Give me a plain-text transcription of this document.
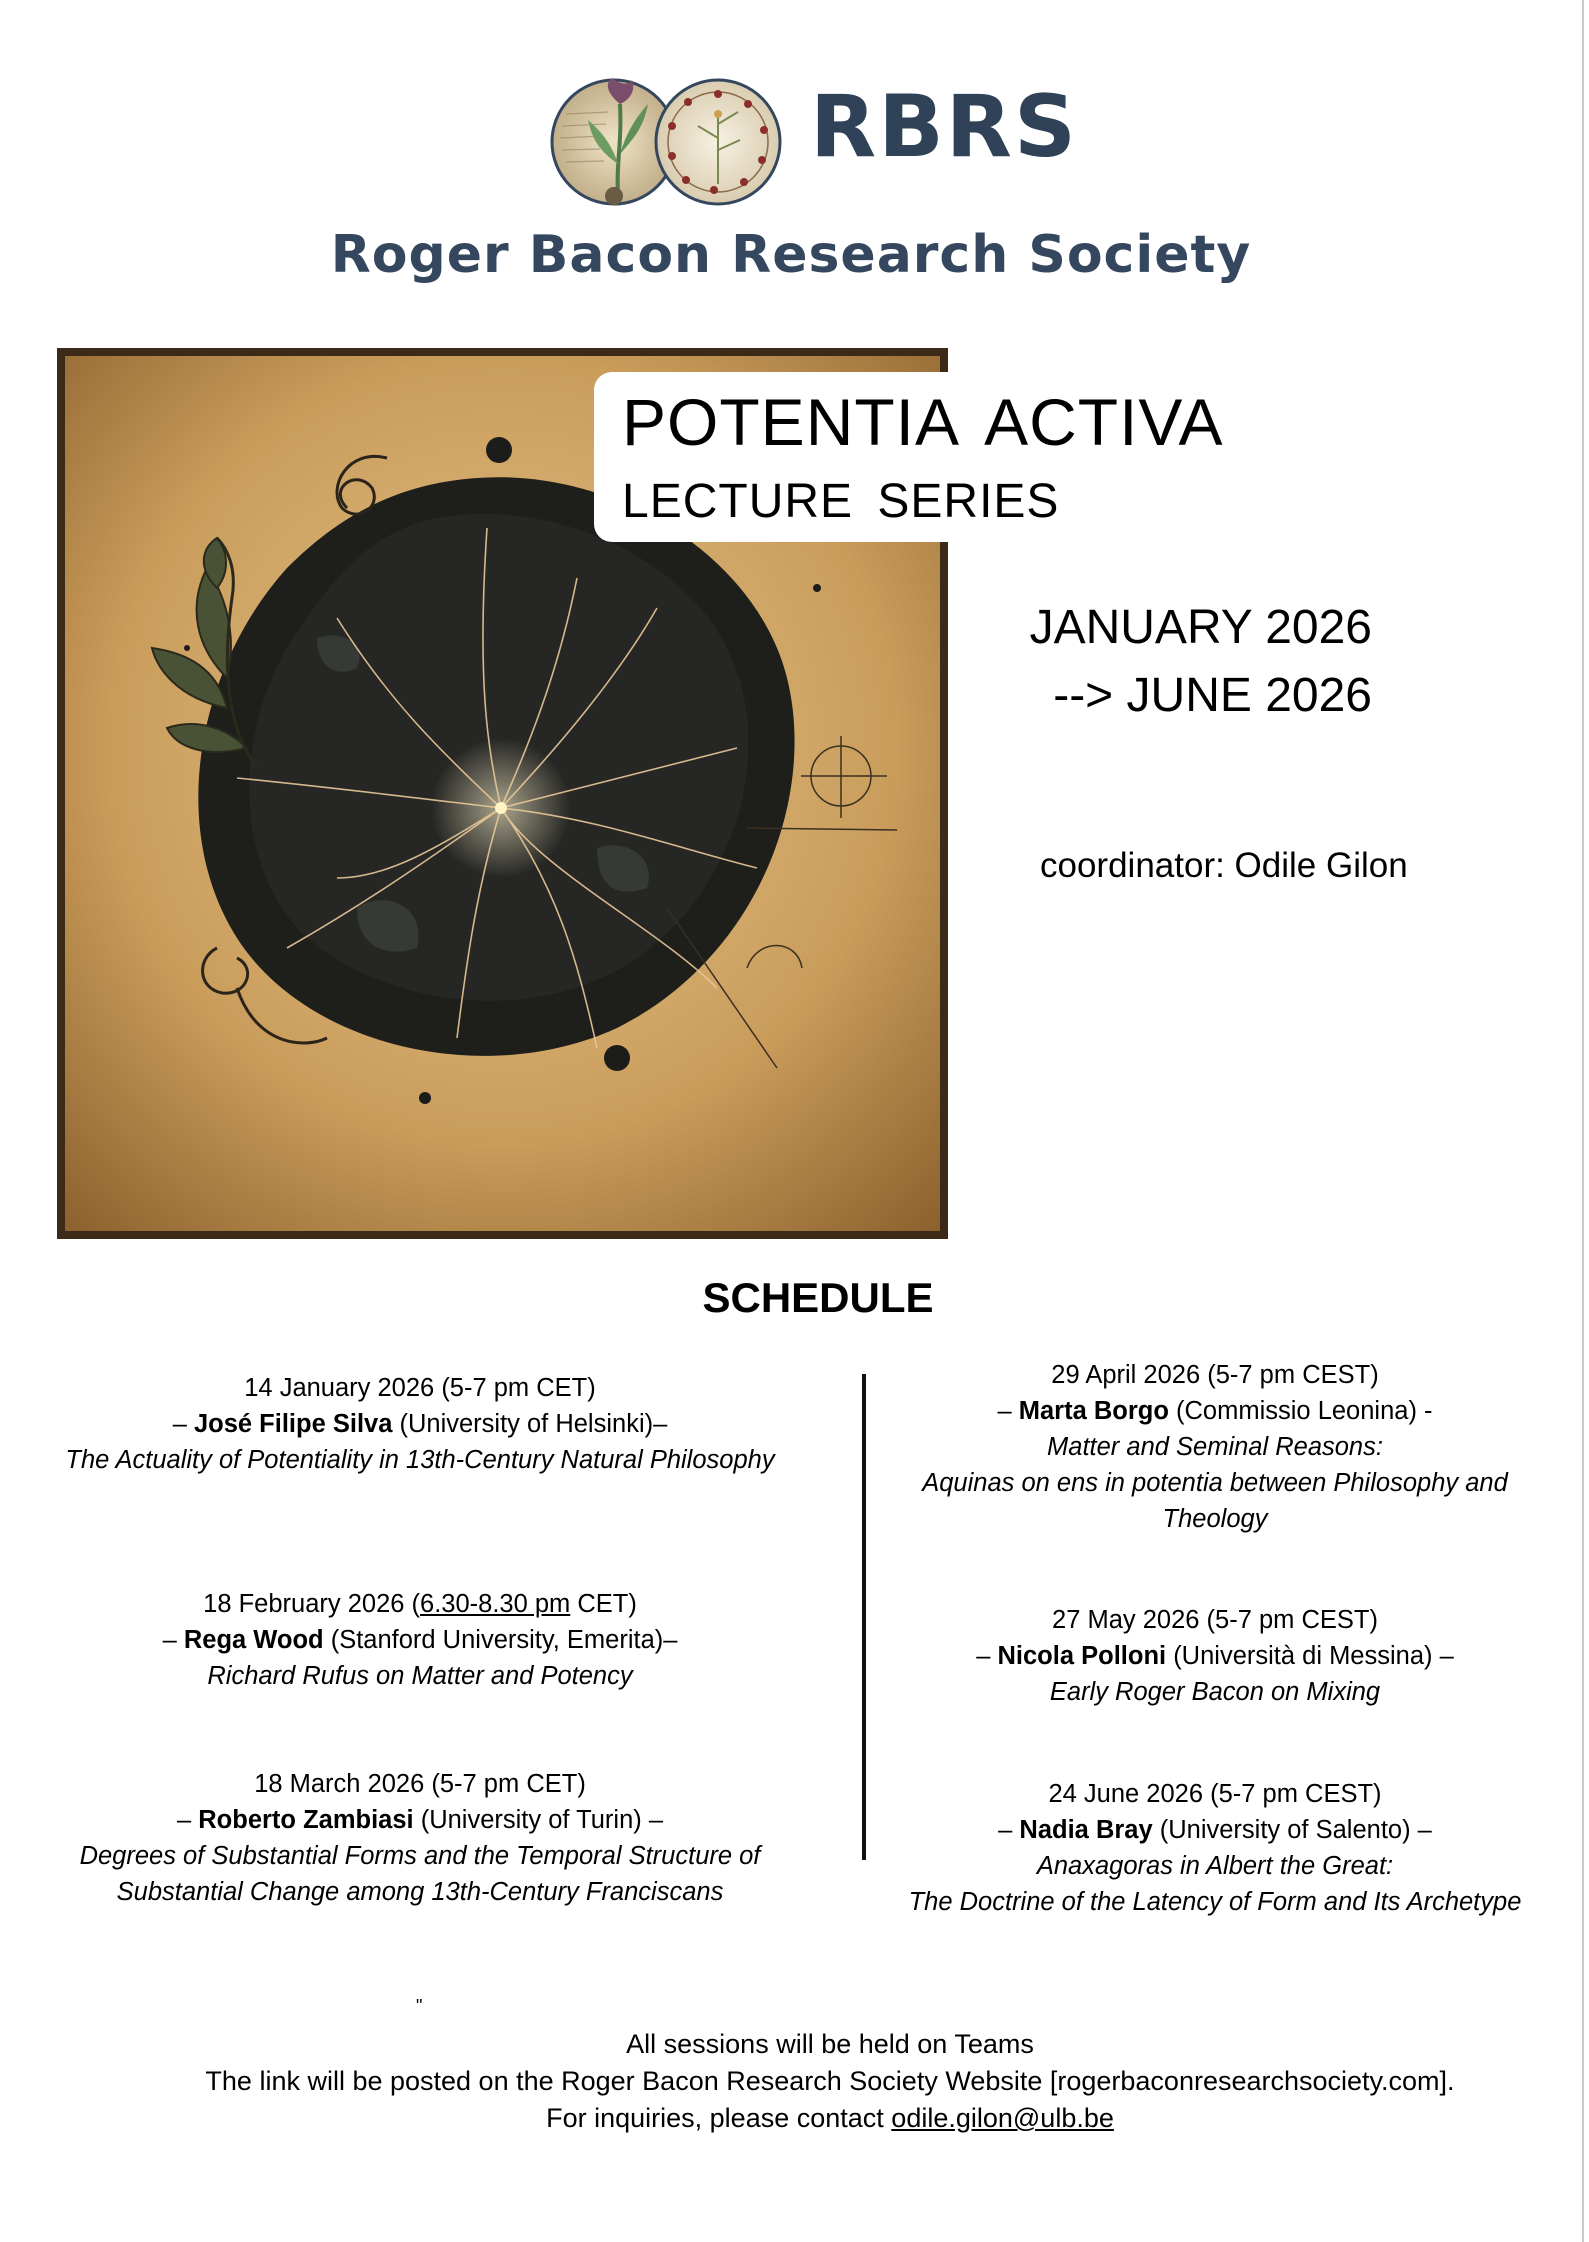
RBRS
Roger Bacon Research Society
POTENTIA ACTIVA
LECTURE SERIES
JANUARY 2026
--> JUNE 2026
coordinator: Odile Gilon
SCHEDULE
14 January 2026 (5-7 pm CET)
– José Filipe Silva (University of Helsinki)–
The Actuality of Potentiality in 13th-Century Natural Philosophy
18 February 2026 (6.30-8.30 pm CET)
– Rega Wood (Stanford University, Emerita)–
Richard Rufus on Matter and Potency
18 March 2026 (5-7 pm CET)
– Roberto Zambiasi (University of Turin) –
Degrees of Substantial Forms and the Temporal Structure of
Substantial Change among 13th-Century Franciscans
29 April 2026 (5-7 pm CEST)
– Marta Borgo (Commissio Leonina) -
Matter and Seminal Reasons:
Aquinas on ens in potentia between Philosophy and Theology
27 May 2026 (5-7 pm CEST)
– Nicola Polloni (Università di Messina) –
Early Roger Bacon on Mixing
24 June 2026 (5-7 pm CEST)
– Nadia Bray (University of Salento) –
Anaxagoras in Albert the Great:
The Doctrine of the Latency of Form and Its Archetype
"
All sessions will be held on Teams
The link will be posted on the Roger Bacon Research Society Website [rogerbaconresearchsociety.com].
For inquiries, please contact odile.gilon@ulb.be
